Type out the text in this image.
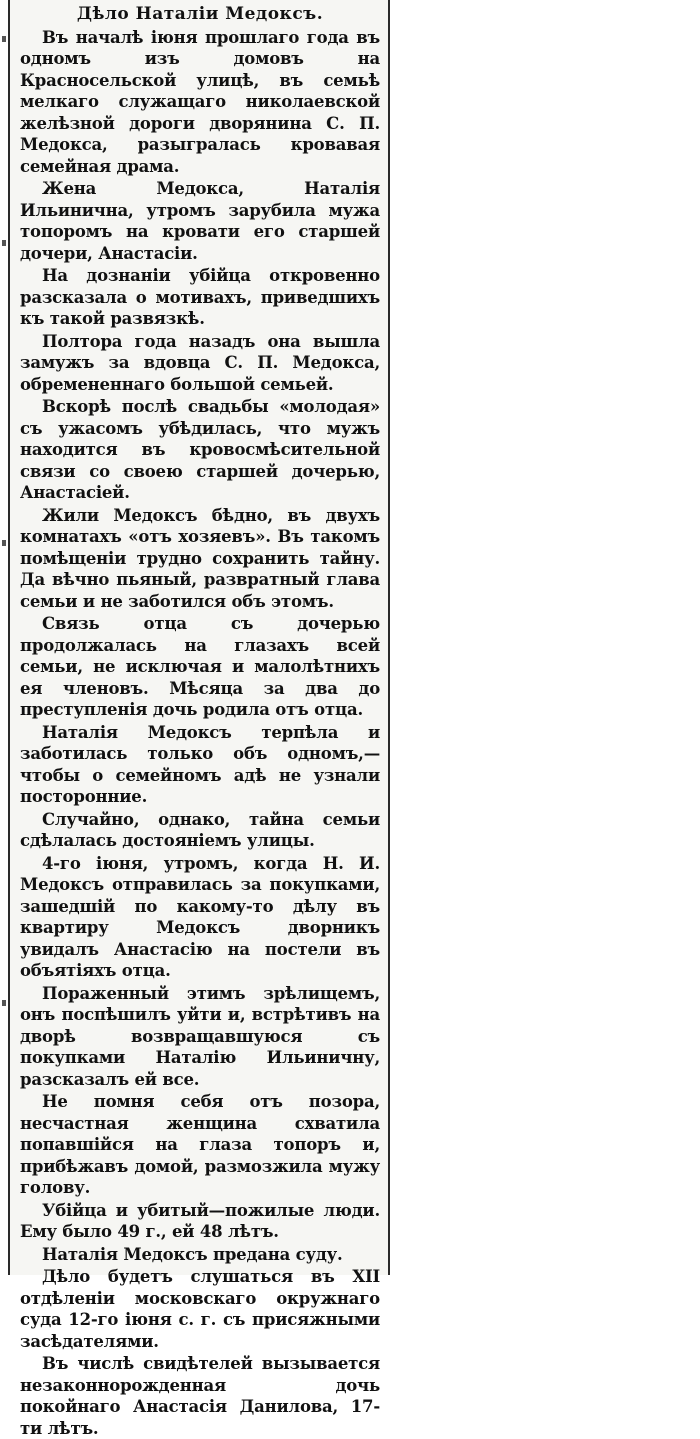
Дѣло Наталiи Медоксъ.

Въ началѣ iюня прошлаго года въ одномъ изъ домовъ на Красносельской улицѣ, въ семьѣ мелкаго служащаго николаевской желѣзной дороги дворянина С. П. Медокса, разыгралась кровавая семейная драма.

Жена Медокса, Наталiя Ильинична, утромъ зарубила мужа топоромъ на кровати его старшей дочери, Анастасiи.

На дознанiи убiйца откровенно разсказала о мотивахъ, приведшихъ къ такой развязкѣ.

Полтора года назадъ она вышла замужъ за вдовца С. П. Медокса, обремененнаго большой семьей.

Вскорѣ послѣ свадьбы «молодая» съ ужасомъ убѣдилась, что мужъ находится въ кровосмѣсительной связи со своею старшей дочерью, Анастасiей.

Жили Медоксъ бѣдно, въ двухъ комнатахъ «отъ хозяевъ». Въ такомъ помѣщенiи трудно сохранить тайну. Да вѣчно пьяный, развратный глава семьи и не заботился объ этомъ.

Связь отца съ дочерью продолжалась на глазахъ всей семьи, не исключая и малолѣтнихъ ея членовъ. Мѣсяца за два до преступленiя дочь родила отъ отца.

Наталiя Медоксъ терпѣла и заботилась только объ одномъ,—чтобы о семейномъ адѣ не узнали посторонние.

Случайно, однако, тайна семьи сдѣлалась достоянiемъ улицы.

4-го iюня, утромъ, когда Н. И. Медоксъ отправилась за покупками, зашедшiй по какому-то дѣлу въ квартиру Медоксъ дворникъ увидалъ Анастасiю на постели въ объятiяхъ отца.

Пораженный этимъ зрѣлищемъ, онъ поспѣшилъ уйти и, встрѣтивъ на дворѣ возвращавшуюся съ покупками Наталiю Ильиничну, разсказалъ ей все.

Не помня себя отъ позора, несчастная женщина схватила попавшiйся на глаза топоръ и, прибѣжавъ домой, размозжила мужу голову.

Убiйца и убитый—пожилые люди. Ему было 49 г., ей 48 лѣтъ.

Наталiя Медоксъ предана суду.

Дѣло будетъ слушаться въ XII отдѣленiи московскаго окружнаго суда 12-го iюня с. г. съ присяжными засѣдателями.

Въ числѣ свидѣтелей вызывается незаконнорожденная дочь покойнаго Анастасiя Данилова, 17-ти лѣтъ.
